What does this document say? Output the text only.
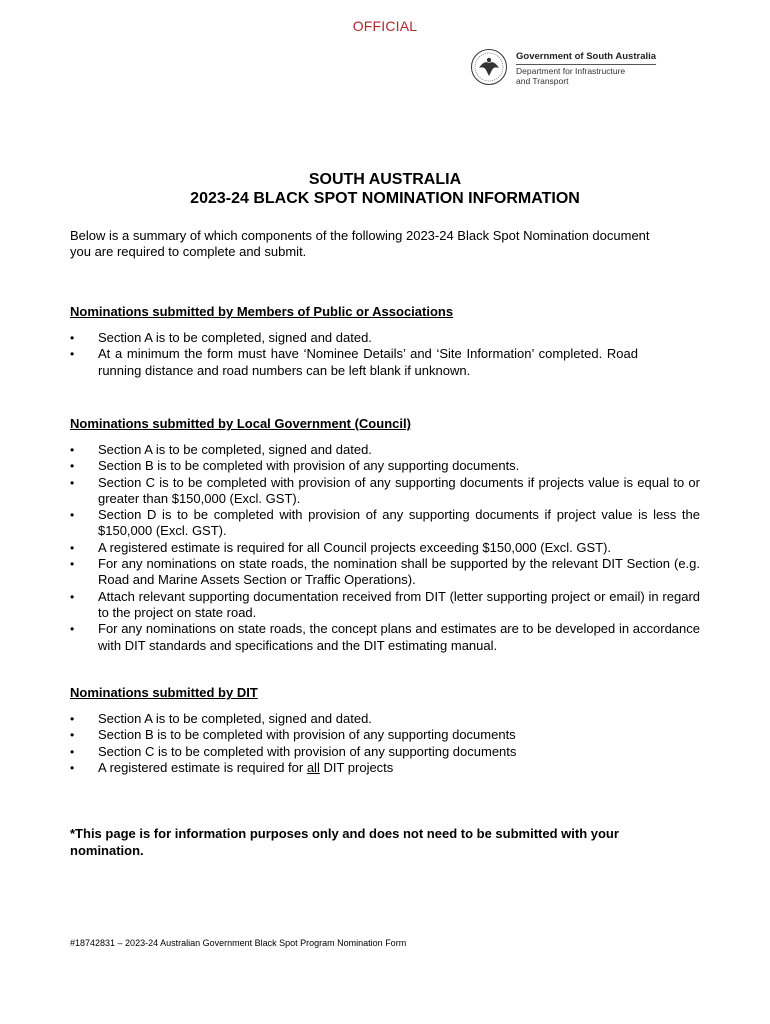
OFFICIAL
Government of South Australia
Department for Infrastructure
and Transport
SOUTH AUSTRALIA
2023-24 BLACK SPOT NOMINATION INFORMATION
Below is a summary of which components of the following 2023-24 Black Spot Nomination document you are required to complete and submit.
Nominations submitted by Members of Public or Associations
•	Section A is to be completed, signed and dated.
•	At a minimum the form must have ‘Nominee Details’ and ‘Site Information’ completed. Road running distance and road numbers can be left blank if unknown.
Nominations submitted by Local Government (Council)
•	Section A is to be completed, signed and dated.
•	Section B is to be completed with provision of any supporting documents.
•	Section C is to be completed with provision of any supporting documents if projects value is equal to or greater than $150,000 (Excl. GST).
•	Section D is to be completed with provision of any supporting documents if project value is less the $150,000 (Excl. GST).
•	A registered estimate is required for all Council projects exceeding $150,000 (Excl. GST).
•	For any nominations on state roads, the nomination shall be supported by the relevant DIT Section (e.g. Road and Marine Assets Section or Traffic Operations).
•	Attach relevant supporting documentation received from DIT (letter supporting project or email) in regard to the project on state road.
•	For any nominations on state roads, the concept plans and estimates are to be developed in accordance with DIT standards and specifications and the DIT estimating manual.
Nominations submitted by DIT
•	Section A is to be completed, signed and dated.
•	Section B is to be completed with provision of any supporting documents
•	Section C is to be completed with provision of any supporting documents
•	A registered estimate is required for all DIT projects
*This page is for information purposes only and does not need to be submitted with your nomination.
#18742831 – 2023-24 Australian Government Black Spot Program Nomination Form
